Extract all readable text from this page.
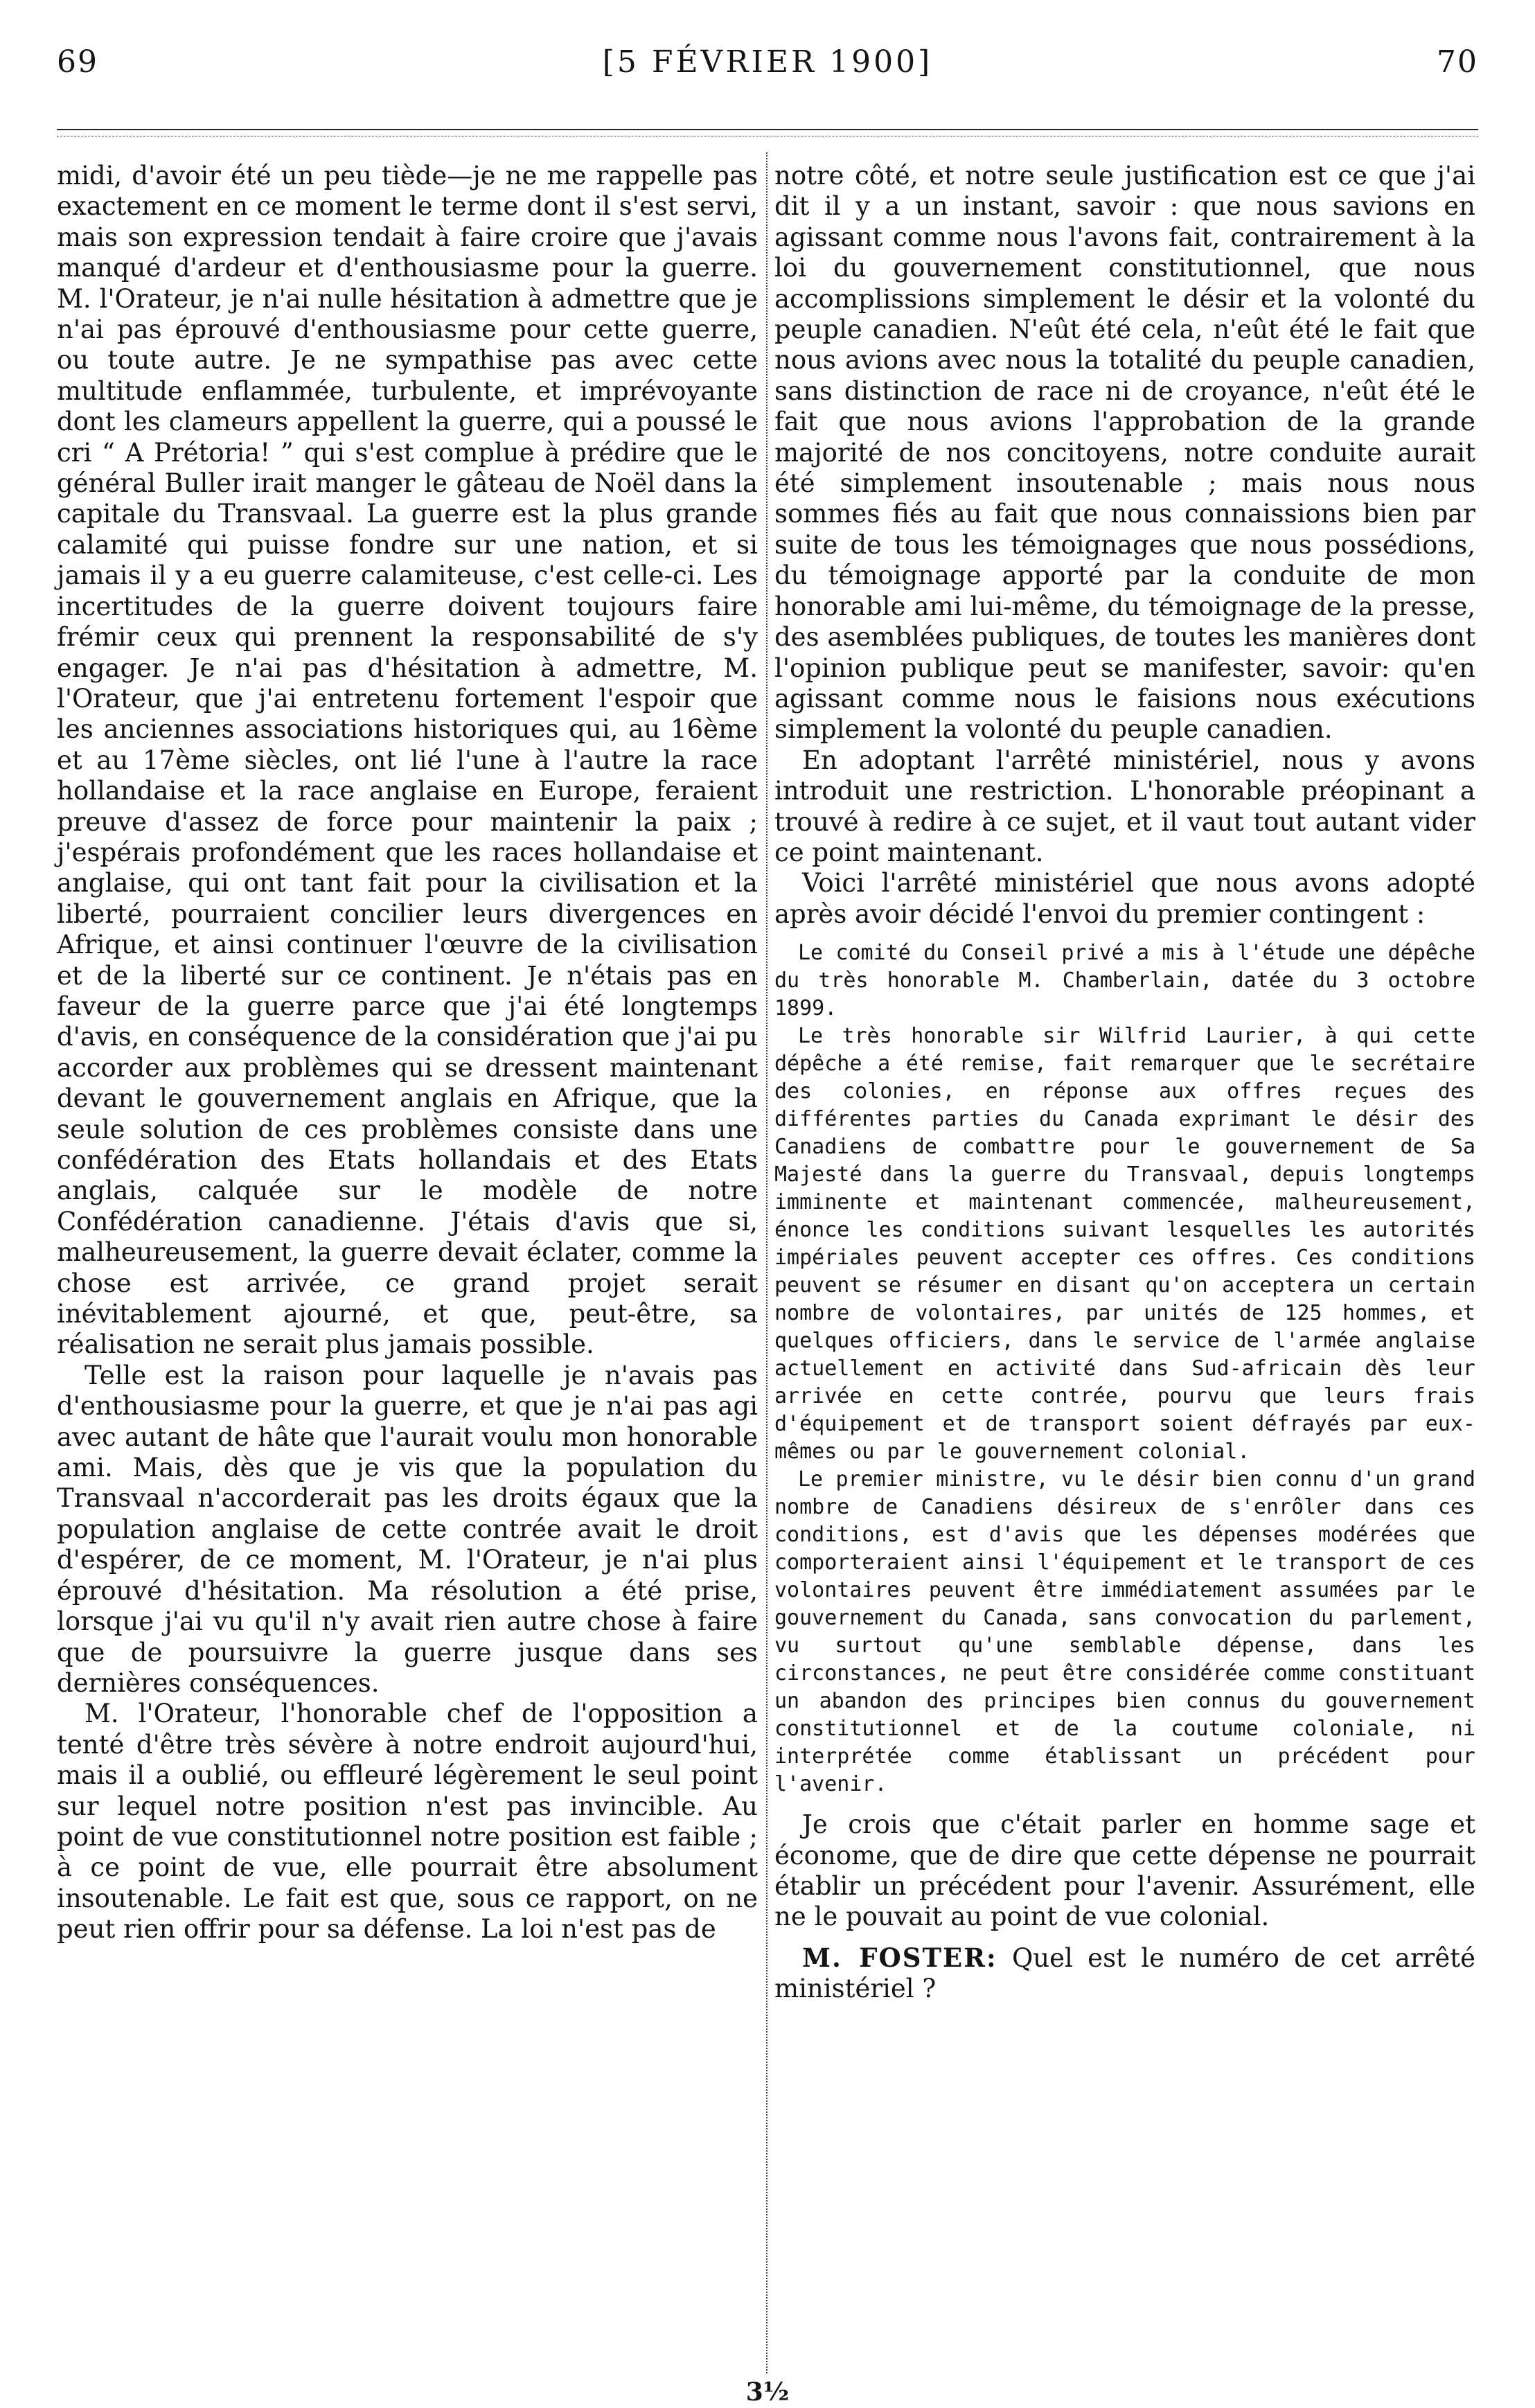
69	[5 FÉVRIER 1900]	70

midi, d'avoir été un peu tiède—je ne me rappelle pas exactement en ce moment le terme dont il s'est servi, mais son expression tendait à faire croire que j'avais manqué d'ardeur et d'enthousiasme pour la guerre. M. l'Orateur, je n'ai nulle hésitation à admettre que je n'ai pas éprouvé d'enthousiasme pour cette guerre, ou toute autre. Je ne sympathise pas avec cette multitude enflammée, turbulente, et imprévoyante dont les clameurs appellent la guerre, qui a poussé le cri “ A Prétoria! ” qui s'est complue à prédire que le général Buller irait manger le gâteau de Noël dans la capitale du Transvaal. La guerre est la plus grande calamité qui puisse fondre sur une nation, et si jamais il y a eu guerre calamiteuse, c'est celle-ci. Les incertitudes de la guerre doivent toujours faire frémir ceux qui prennent la responsabilité de s'y engager. Je n'ai pas d'hésitation à admettre, M. l'Orateur, que j'ai entretenu fortement l'espoir que les anciennes associations historiques qui, au 16ème et au 17ème siècles, ont lié l'une à l'autre la race hollandaise et la race anglaise en Europe, feraient preuve d'assez de force pour maintenir la paix ; j'espérais profondément que les races hollandaise et anglaise, qui ont tant fait pour la civilisation et la liberté, pourraient concilier leurs divergences en Afrique, et ainsi continuer l'œuvre de la civilisation et de la liberté sur ce continent. Je n'étais pas en faveur de la guerre parce que j'ai été longtemps d'avis, en conséquence de la considération que j'ai pu accorder aux problèmes qui se dressent maintenant devant le gouvernement anglais en Afrique, que la seule solution de ces problèmes consiste dans une confédération des Etats hollandais et des Etats anglais, calquée sur le modèle de notre Confédération canadienne. J'étais d'avis que si, malheureusement, la guerre devait éclater, comme la chose est arrivée, ce grand projet serait inévitablement ajourné, et que, peut-être, sa réalisation ne serait plus jamais possible.

Telle est la raison pour laquelle je n'avais pas d'enthousiasme pour la guerre, et que je n'ai pas agi avec autant de hâte que l'aurait voulu mon honorable ami. Mais, dès que je vis que la population du Transvaal n'accorderait pas les droits égaux que la population anglaise de cette contrée avait le droit d'espérer, de ce moment, M. l'Orateur, je n'ai plus éprouvé d'hésitation. Ma résolution a été prise, lorsque j'ai vu qu'il n'y avait rien autre chose à faire que de poursuivre la guerre jusque dans ses dernières conséquences.

M. l'Orateur, l'honorable chef de l'opposition a tenté d'être très sévère à notre endroit aujourd'hui, mais il a oublié, ou effleuré légèrement le seul point sur lequel notre position n'est pas invincible. Au point de vue constitutionnel notre position est faible ; à ce point de vue, elle pourrait être absolument insoutenable. Le fait est que, sous ce rapport, on ne peut rien offrir pour sa défense. La loi n'est pas de

notre côté, et notre seule justification est ce que j'ai dit il y a un instant, savoir : que nous savions en agissant comme nous l'avons fait, contrairement à la loi du gouvernement constitutionnel, que nous accomplissions simplement le désir et la volonté du peuple canadien. N'eût été cela, n'eût été le fait que nous avions avec nous la totalité du peuple canadien, sans distinction de race ni de croyance, n'eût été le fait que nous avions l'approbation de la grande majorité de nos concitoyens, notre conduite aurait été simplement insoutenable ; mais nous nous sommes fiés au fait que nous connaissions bien par suite de tous les témoignages que nous possédions, du témoignage apporté par la conduite de mon honorable ami lui-même, du témoignage de la presse, des asemblées publiques, de toutes les manières dont l'opinion publique peut se manifester, savoir: qu'en agissant comme nous le faisions nous exécutions simplement la volonté du peuple canadien.

En adoptant l'arrêté ministériel, nous y avons introduit une restriction. L'honorable préopinant a trouvé à redire à ce sujet, et il vaut tout autant vider ce point maintenant.

Voici l'arrêté ministériel que nous avons adopté après avoir décidé l'envoi du premier contingent :

Le comité du Conseil privé a mis à l'étude une dépêche du très honorable M. Chamberlain, datée du 3 octobre 1899.

Le très honorable sir Wilfrid Laurier, à qui cette dépêche a été remise, fait remarquer que le secrétaire des colonies, en réponse aux offres reçues des différentes parties du Canada exprimant le désir des Canadiens de combattre pour le gouvernement de Sa Majesté dans la guerre du Transvaal, depuis longtemps imminente et maintenant commencée, malheureusement, énonce les conditions suivant lesquelles les autorités impériales peuvent accepter ces offres. Ces conditions peuvent se résumer en disant qu'on acceptera un certain nombre de volontaires, par unités de 125 hommes, et quelques officiers, dans le service de l'armée anglaise actuellement en activité dans Sud-africain dès leur arrivée en cette contrée, pourvu que leurs frais d'équipement et de transport soient défrayés par eux-mêmes ou par le gouvernement colonial.

Le premier ministre, vu le désir bien connu d'un grand nombre de Canadiens désireux de s'enrôler dans ces conditions, est d'avis que les dépenses modérées que comporteraient ainsi l'équipement et le transport de ces volontaires peuvent être immédiatement assumées par le gouvernement du Canada, sans convocation du parlement, vu surtout qu'une semblable dépense, dans les circonstances, ne peut être considérée comme constituant un abandon des principes bien connus du gouvernement constitutionnel et de la coutume coloniale, ni interprétée comme établissant un précédent pour l'avenir.

Je crois que c'était parler en homme sage et économe, que de dire que cette dépense ne pourrait établir un précédent pour l'avenir. Assurément, elle ne le pouvait au point de vue colonial.

M. FOSTER: Quel est le numéro de cet arrêté ministériel ?

3½
